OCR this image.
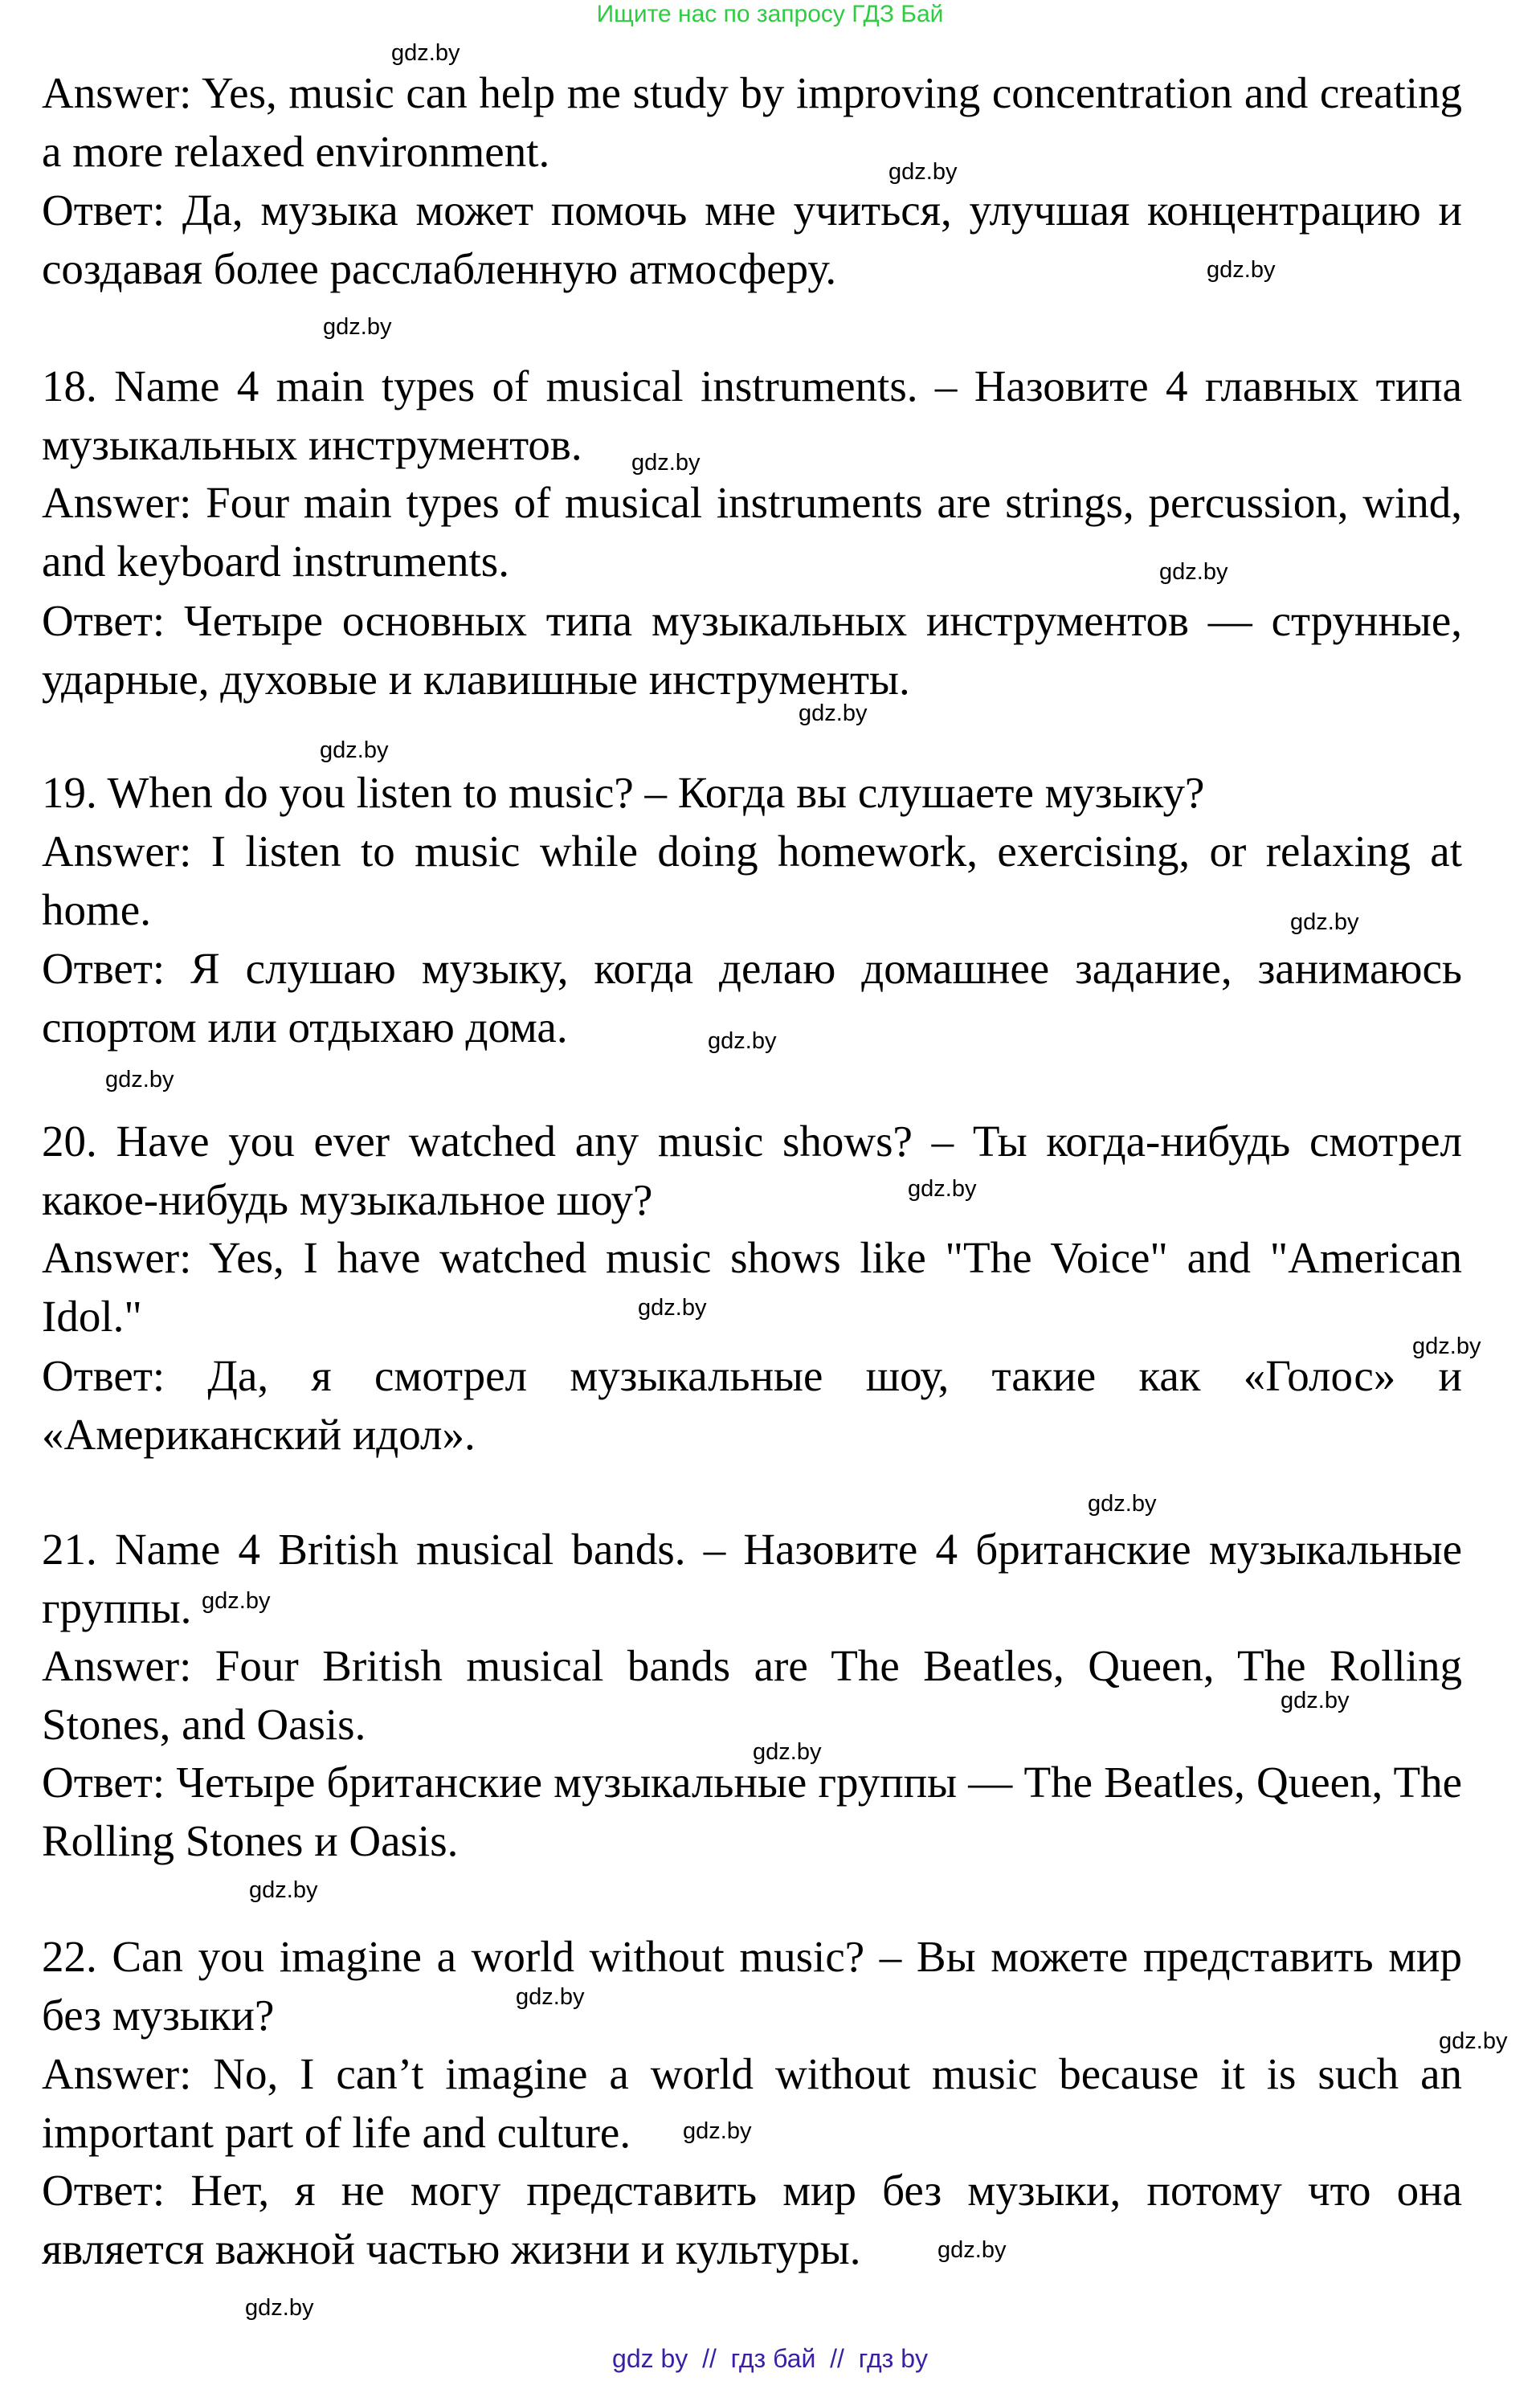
Ищите нас по запросу ГДЗ Бай

Answer: Yes, music can help me study by improving concentration and creating a more relaxed environment.

Ответ: Да, музыка может помочь мне учиться, улучшая концентрацию и создавая более расслабленную атмосферу.

18. Name 4 main types of musical instruments. – Назовите 4 главных типа музыкальных инструментов.

Answer: Four main types of musical instruments are strings, percussion, wind, and keyboard instruments.

Ответ: Четыре основных типа музыкальных инструментов — струнные, ударные, духовые и клавишные инструменты.

19. When do you listen to music? – Когда вы слушаете музыку?

Answer: I listen to music while doing homework, exercising, or relaxing at home.

Ответ: Я слушаю музыку, когда делаю домашнее задание, занимаюсь спортом или отдыхаю дома.

20. Have you ever watched any music shows? – Ты когда-нибудь смотрел какое-нибудь музыкальное шоу?

Answer: Yes, I have watched music shows like "The Voice" and "American Idol."

Ответ: Да, я смотрел музыкальные шоу, такие как «Голос» и «Американский идол».

21. Name 4 British musical bands. – Назовите 4 британские музыкальные группы.

Answer: Four British musical bands are The Beatles, Queen, The Rolling Stones, and Oasis.

Ответ: Четыре британские музыкальные группы — The Beatles, Queen, The Rolling Stones и Oasis.

22. Can you imagine a world without music? – Вы можете представить мир без музыки?

Answer: No, I can’t imagine a world without music because it is such an important part of life and culture.

Ответ: Нет, я не могу представить мир без музыки, потому что она является важной частью жизни и культуры.

gdz.by
gdz.by
gdz.by
gdz.by
gdz.by
gdz.by
gdz.by
gdz.by
gdz.by
gdz.by
gdz.by
gdz.by
gdz.by
gdz.by
gdz.by
gdz.by
gdz.by
gdz.by
gdz.by
gdz.by
gdz.by
gdz.by
gdz.by
gdz.by
gdz by  //  гдз бай  //  гдз by
